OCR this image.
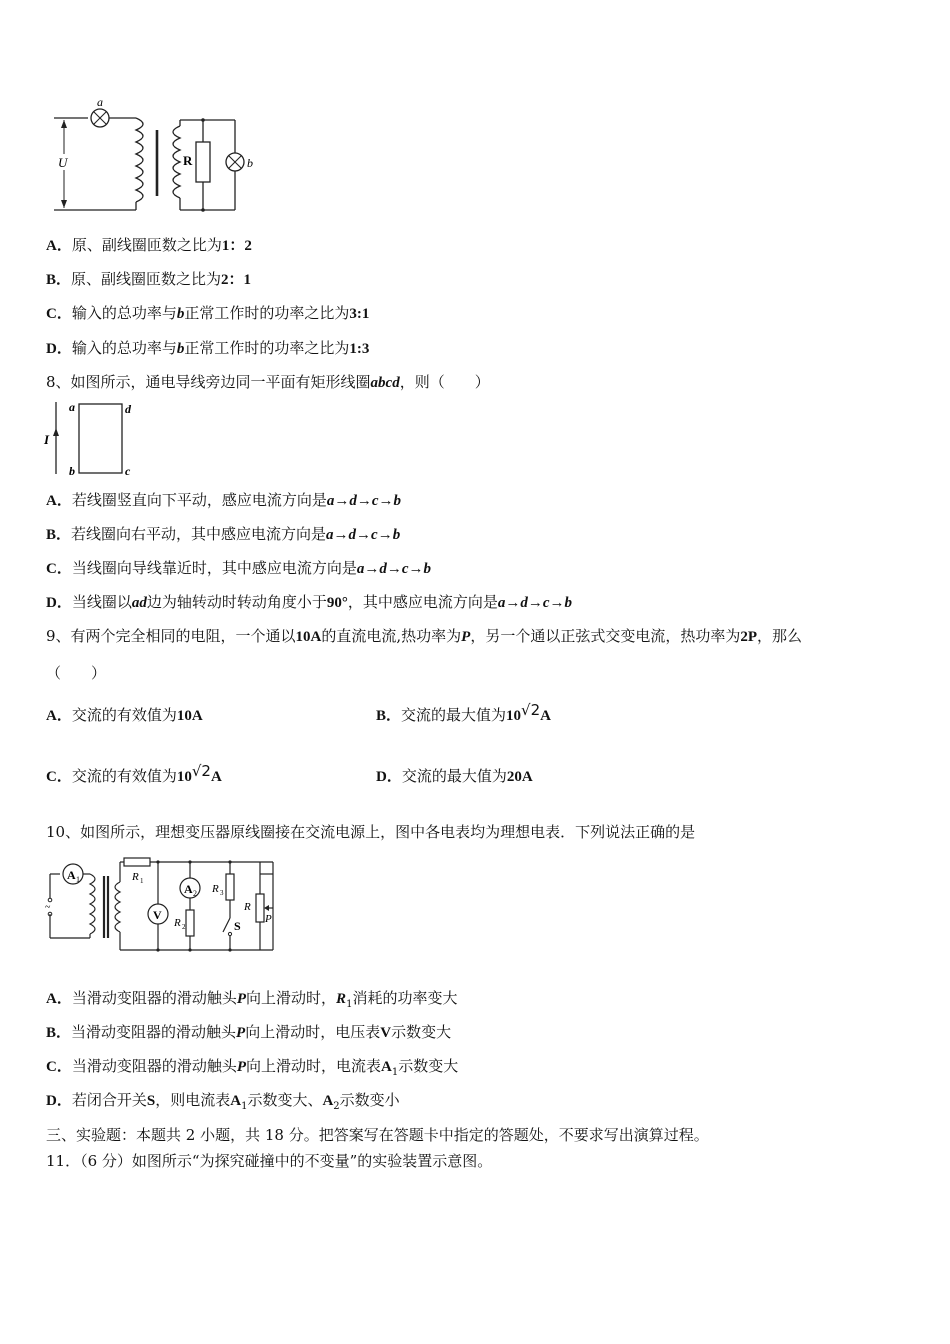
a
U	R	b
A．原、副线圈匝数之比为1：2
B．原、副线圈匝数之比为2：1
C．输入的总功率与b正常工作时的功率之比为3:1
D．输入的总功率与b正常工作时的功率之比为1:3
8、如图所示，通电导线旁边同一平面有矩形线圈abcd，则（　　）
I
a
b	c
d
A．若线圈竖直向下平动，感应电流方向是a→d→c→b
B．若线圈向右平动，其中感应电流方向是a→d→c→b
C．当线圈向导线靠近时，其中感应电流方向是a→d→c→b
D．当线圈以ad边为轴转动时转动角度小于90°，其中感应电流方向是a→d→c→b
9、有两个完全相同的电阻，一个通以10A的直流电流,热功率为P，另一个通以正弦式交变电流，热功率为2P，那么
（　　）
A．交流的有效值为10A	B．交流的最大值为10√2A
C．交流的有效值为10√2A	D．交流的最大值为20A
10、如图所示，理想变压器原线圈接在交流电源上，图中各电表均为理想电表．下列说法正确的是
A 1
~
R 1
V
A 2
R 2
R 3
S
R
P
A．当滑动变阻器的滑动触头P向上滑动时，$R_1$消耗的功率变大
B．当滑动变阻器的滑动触头P向上滑动时，电压表V示数变大
C．当滑动变阻器的滑动触头P向上滑动时，电流表$A_1$示数变大
D．若闭合开关S，则电流表$A_1$示数变大、$A_2$示数变小
三、实验题：本题共 2 小题，共 18 分。把答案写在答题卡中指定的答题处，不要求写出演算过程。
11．（6 分）如图所示“为探究碰撞中的不变量”的实验装置示意图。
